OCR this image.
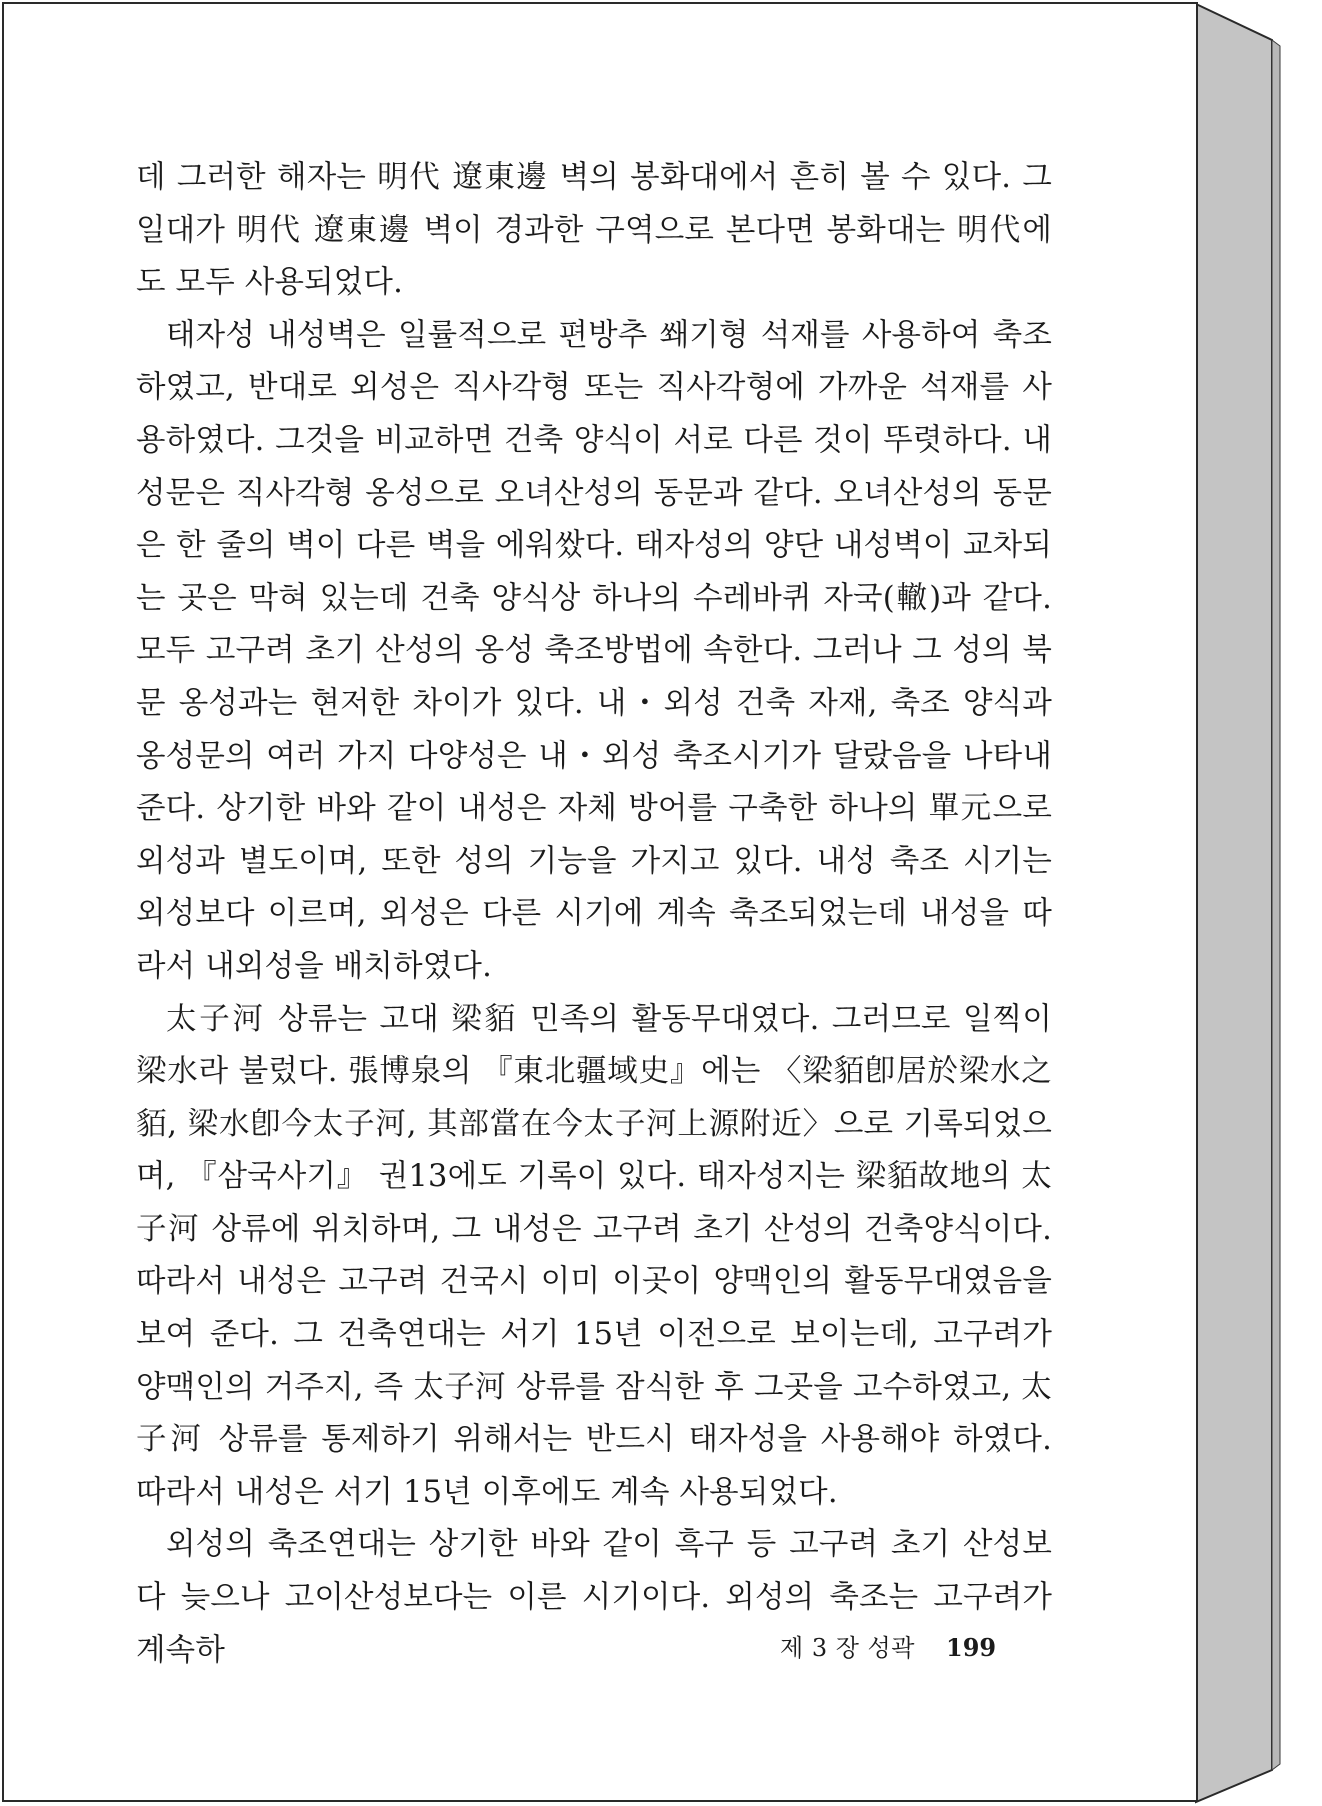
데 그러한 해자는 明代 遼東邊 벽의 봉화대에서 흔히 볼 수 있다. 그 일대가 明代 遼東邊 벽이 경과한 구역으로 본다면 봉화대는 明代에도 모두 사용되었다.

태자성 내성벽은 일률적으로 편방추 쐐기형 석재를 사용하여 축조하였고, 반대로 외성은 직사각형 또는 직사각형에 가까운 석재를 사용하였다. 그것을 비교하면 건축 양식이 서로 다른 것이 뚜렷하다. 내성문은 직사각형 옹성으로 오녀산성의 동문과 같다. 오녀산성의 동문은 한 줄의 벽이 다른 벽을 에워쌌다. 태자성의 양단 내성벽이 교차되는 곳은 막혀 있는데 건축 양식상 하나의 수레바퀴 자국(轍)과 같다. 모두 고구려 초기 산성의 옹성 축조방법에 속한다. 그러나 그 성의 북문 옹성과는 현저한 차이가 있다. 내・외성 건축 자재, 축조 양식과 옹성문의 여러 가지 다양성은 내・외성 축조시기가 달랐음을 나타내 준다. 상기한 바와 같이 내성은 자체 방어를 구축한 하나의 單元으로 외성과 별도이며, 또한 성의 기능을 가지고 있다. 내성 축조 시기는 외성보다 이르며, 외성은 다른 시기에 계속 축조되었는데 내성을 따라서 내외성을 배치하였다.

太子河 상류는 고대 梁貊 민족의 활동무대였다. 그러므로 일찍이 梁水라 불렀다. 張博泉의 『東北疆域史』에는 〈梁貊卽居於梁水之貊, 梁水卽今太子河, 其部當在今太子河上源附近〉으로 기록되었으며, 『삼국사기』 권13에도 기록이 있다. 태자성지는 梁貊故地의 太子河 상류에 위치하며, 그 내성은 고구려 초기 산성의 건축양식이다. 따라서 내성은 고구려 건국시 이미 이곳이 양맥인의 활동무대였음을 보여 준다. 그 건축연대는 서기 15년 이전으로 보이는데, 고구려가 양맥인의 거주지, 즉 太子河 상류를 잠식한 후 그곳을 고수하였고, 太子河 상류를 통제하기 위해서는 반드시 태자성을 사용해야 하였다. 따라서 내성은 서기 15년 이후에도 계속 사용되었다.

외성의 축조연대는 상기한 바와 같이 흑구 등 고구려 초기 산성보다 늦으나 고이산성보다는 이른 시기이다. 외성의 축조는 고구려가 계속하	제 3 장 성곽 199
